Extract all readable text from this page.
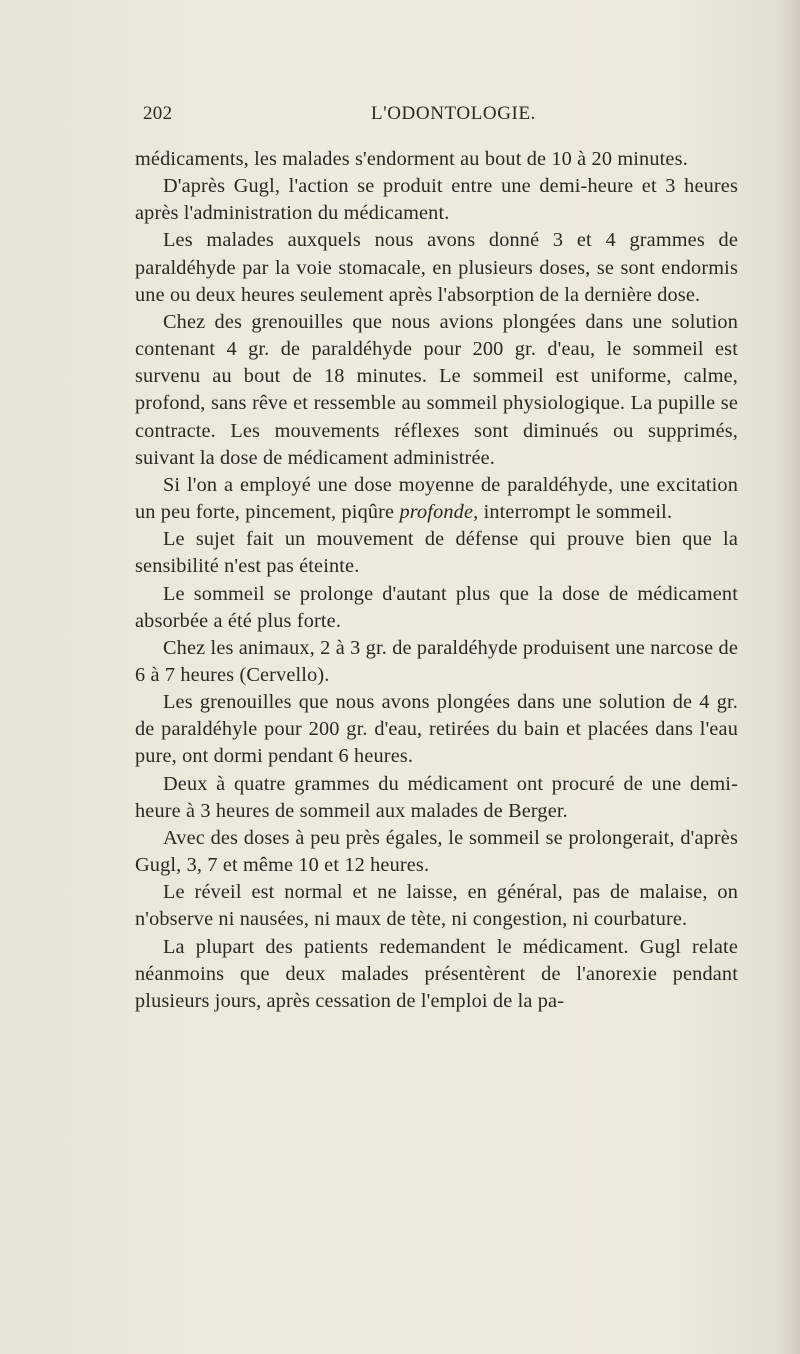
202	L'ODONTOLOGIE.

médicaments, les malades s'endorment au bout de 10 à 20 minutes.

D'après Gugl, l'action se produit entre une demi-heure et 3 heures après l'administration du médicament.

Les malades auxquels nous avons donné 3 et 4 grammes de paraldéhyde par la voie stomacale, en plusieurs doses, se sont endormis une ou deux heures seulement après l'absorption de la dernière dose.

Chez des grenouilles que nous avions plongées dans une solution contenant 4 gr. de paraldéhyde pour 200 gr. d'eau, le sommeil est survenu au bout de 18 minutes. Le sommeil est uniforme, calme, profond, sans rêve et ressemble au sommeil physiologique. La pupille se contracte. Les mouvements réflexes sont diminués ou supprimés, suivant la dose de médicament administrée.

Si l'on a employé une dose moyenne de paraldéhyde, une excitation un peu forte, pincement, piqûre profonde, interrompt le sommeil.

Le sujet fait un mouvement de défense qui prouve bien que la sensibilité n'est pas éteinte.

Le sommeil se prolonge d'autant plus que la dose de médicament absorbée a été plus forte.

Chez les animaux, 2 à 3 gr. de paraldéhyde produisent une narcose de 6 à 7 heures (Cervello).

Les grenouilles que nous avons plongées dans une solution de 4 gr. de paraldéhyle pour 200 gr. d'eau, retirées du bain et placées dans l'eau pure, ont dormi pendant 6 heures.

Deux à quatre grammes du médicament ont procuré de une demi-heure à 3 heures de sommeil aux malades de Berger.

Avec des doses à peu près égales, le sommeil se prolongerait, d'après Gugl, 3, 7 et même 10 et 12 heures.

Le réveil est normal et ne laisse, en général, pas de malaise, on n'observe ni nausées, ni maux de tète, ni congestion, ni courbature.

La plupart des patients redemandent le médicament. Gugl relate néanmoins que deux malades présentèrent de l'anorexie pendant plusieurs jours, après cessation de l'emploi de la pa-
